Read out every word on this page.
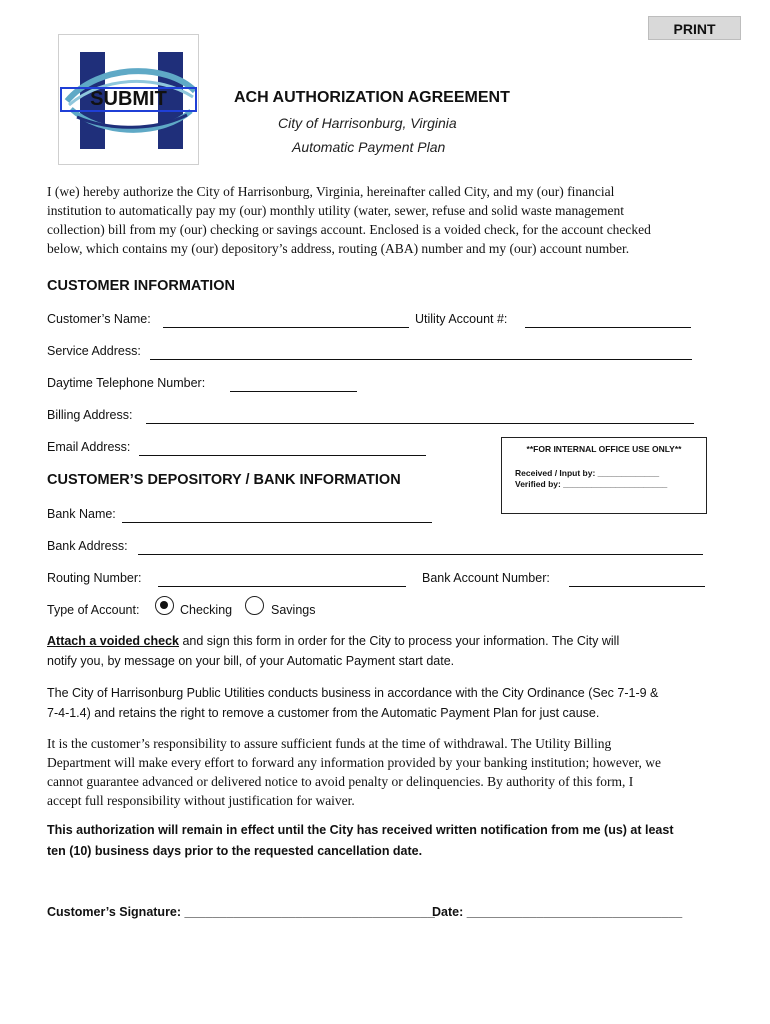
PRINT
SUBMIT	ACH AUTHORIZATION AGREEMENT
City of Harrisonburg, Virginia
Automatic Payment Plan
I (we) hereby authorize the City of Harrisonburg, Virginia, hereinafter called City, and my (our) financial
institution to automatically pay my (our) monthly utility (water, sewer, refuse and solid waste management
collection) bill from my (our) checking or savings account. Enclosed is a voided check, for the account checked
below, which contains my (our) depository’s address, routing (ABA) number and my (our) account number.
CUSTOMER INFORMATION
Customer’s Name:	Utility Account #:
Service Address:
Daytime Telephone Number:
Billing Address:
Email Address:	**FOR INTERNAL OFFICE USE ONLY**
Received / Input by: _____________
Verified by: ______________________
CUSTOMER’S DEPOSITORY / BANK INFORMATION
Bank Name:
Bank Address:
Routing Number:	Bank Account Number:
Type of Account:	Checking	Savings
Attach a voided check and sign this form in order for the City to process your information. The City will
notify you, by message on your bill, of your Automatic Payment start date.
The City of Harrisonburg Public Utilities conducts business in accordance with the City Ordinance (Sec 7-1-9 &
7-4-1.4) and retains the right to remove a customer from the Automatic Payment Plan for just cause.
It is the customer’s responsibility to assure sufficient funds at the time of withdrawal. The Utility Billing
Department will make every effort to forward any information provided by your banking institution; however, we
cannot guarantee advanced or delivered notice to avoid penalty or delinquencies. By authority of this form, I
accept full responsibility without justification for waiver.
This authorization will remain in effect until the City has received written notification from me (us) at least
ten (10) business days prior to the requested cancellation date.
Customer’s Signature: ____________________________________
Date: _______________________________
